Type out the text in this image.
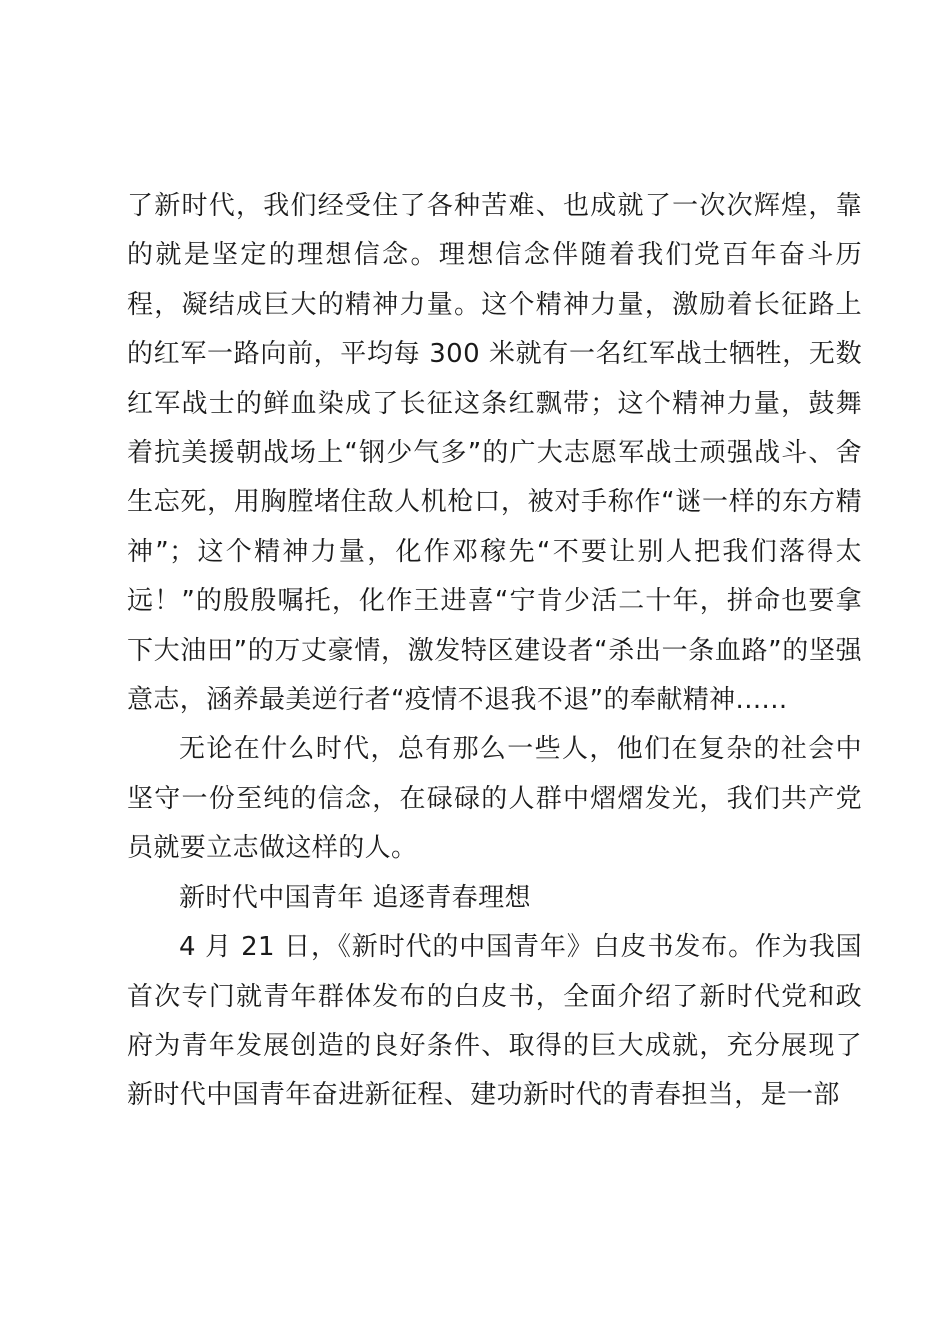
了新时代，我们经受住了各种苦难、也成就了一次次辉煌，靠的就是坚定的理想信念。理想信念伴随着我们党百年奋斗历程，凝结成巨大的精神力量。这个精神力量，激励着长征路上的红军一路向前，平均每 300 米就有一名红军战士牺牲，无数红军战士的鲜血染成了长征这条红飘带；这个精神力量，鼓舞着抗美援朝战场上“钢少气多”的广大志愿军战士顽强战斗、舍生忘死，用胸膛堵住敌人机枪口，被对手称作“谜一样的东方精神”；这个精神力量，化作邓稼先“不要让别人把我们落得太远！”的殷殷嘱托，化作王进喜“宁肯少活二十年，拼命也要拿下大油田”的万丈豪情，激发特区建设者“杀出一条血路”的坚强意志，涵养最美逆行者“疫情不退我不退”的奉献精神......

无论在什么时代，总有那么一些人，他们在复杂的社会中坚守一份至纯的信念，在碌碌的人群中熠熠发光，我们共产党员就要立志做这样的人。

新时代中国青年 追逐青春理想

4 月 21 日，《新时代的中国青年》白皮书发布。作为我国首次专门就青年群体发布的白皮书，全面介绍了新时代党和政府为青年发展创造的良好条件、取得的巨大成就，充分展现了新时代中国青年奋进新征程、建功新时代的青春担当，是一部
